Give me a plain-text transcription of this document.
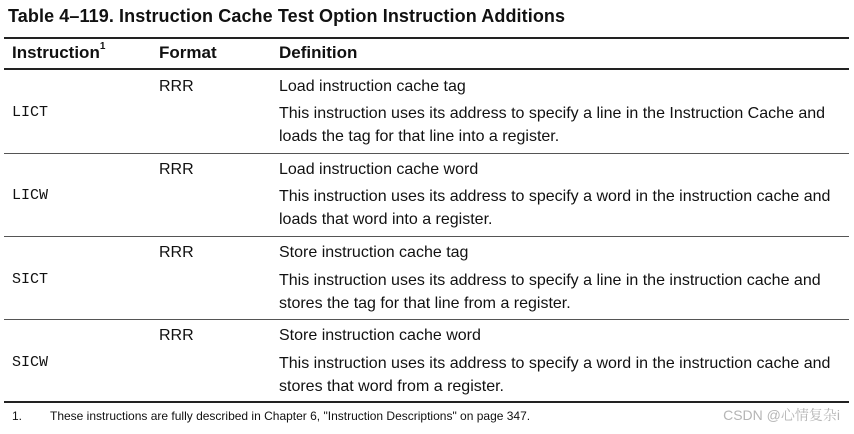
Table 4–119. Instruction Cache Test Option Instruction Additions
Instruction$^1$	Format	Definition
LICT
RRR	Load instruction cache tag
This instruction uses its address to specify a line in the Instruction Cache and loads the tag for that line into a register.
LICW
RRR	Load instruction cache word
This instruction uses its address to specify a word in the instruction cache and loads that word into a register.
SICT
RRR	Store instruction cache tag
This instruction uses its address to specify a line in the instruction cache and stores the tag for that line from a register.
SICW
RRR	Store instruction cache word
This instruction uses its address to specify a word in the instruction cache and stores that word from a register.
1. These instructions are fully described in Chapter 6, "Instruction Descriptions" on page 347.	CSDN @心情复杂i
